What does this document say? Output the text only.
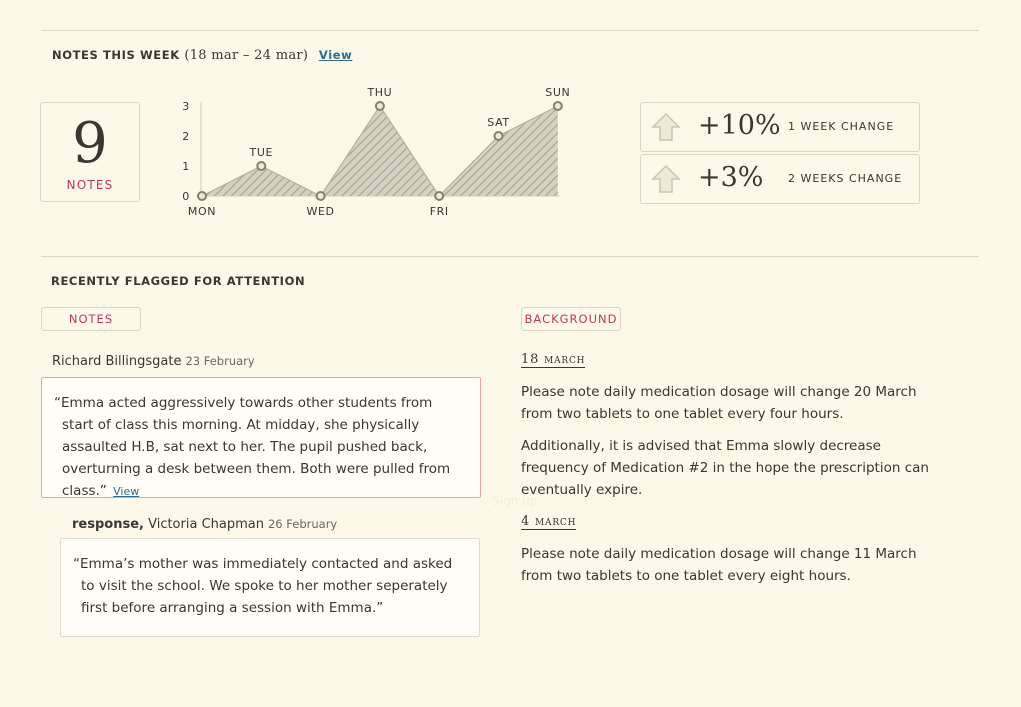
NOTES THIS WEEK (18 mar – 24 mar) View
9
NOTES
0
1
2
3
MON
TUE
WED
THU
FRI
SAT
SUN
+10% 1 WEEK CHANGE
+3% 2 WEEKS CHANGE
RECENTLY FLAGGED FOR ATTENTION
NOTES	BACKGROUND
Richard Billingsgate 23 February
“Emma acted aggressively towards other students from start of class this morning. At midday, she physically assaulted H.B, sat next to her. The pupil pushed back, overturning a desk between them. Both were pulled from class.” View
response, Victoria Chapman 26 February
“Emma’s mother was immediately contacted and asked to visit the school. We spoke to her mother seperately first before arranging a session with Emma.”
18 march
Please note daily medication dosage will change 20 March from two tablets to one tablet every four hours.
Additionally, it is advised that Emma slowly decrease frequency of Medication #2 in the hope the prescription can eventually expire.
Sign up
4 march
Please note daily medication dosage will change 11 March from two tablets to one tablet every eight hours.
